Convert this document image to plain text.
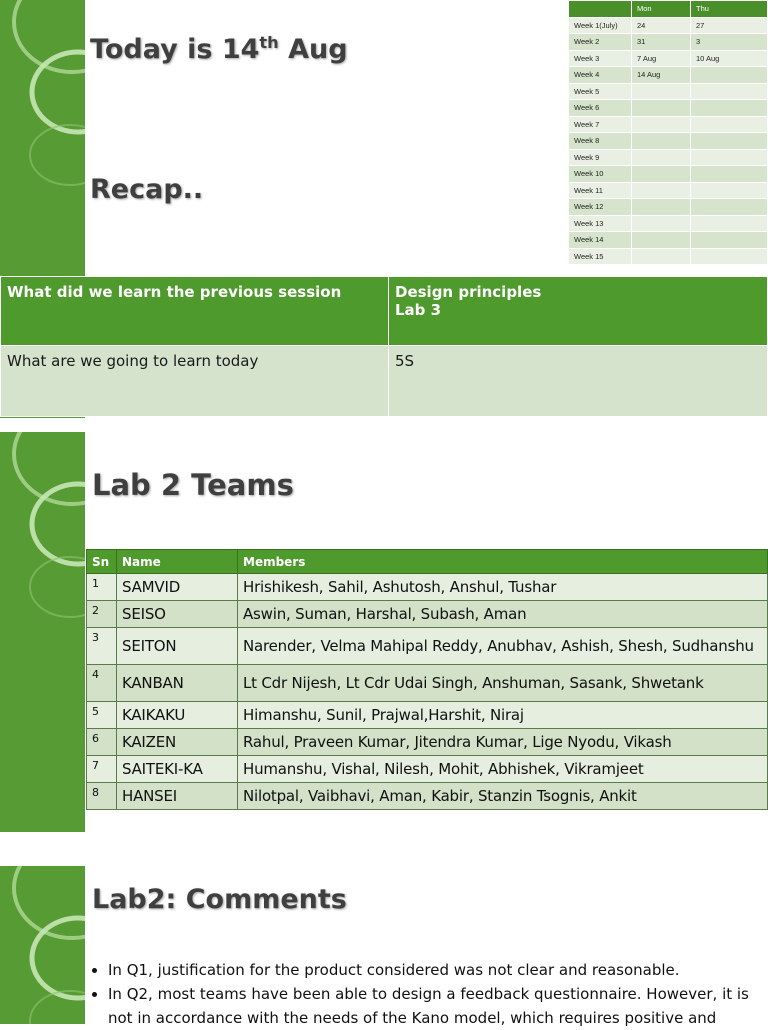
Today is 14th Aug
Recap..
	Mon	Thu
Week 1(July)	24	27
Week 2	31	3
Week 3	7 Aug	10 Aug
Week 4	14 Aug	
Week 5		
Week 6		
Week 7		
Week 8		
Week 9		
Week 10		
Week 11		
Week 12		
Week 13		
Week 14		
Week 15		
What did we learn the previous session	Design principles
Lab 3

What are we going to learn today	5S
Lab 2 Teams
Sn	Name	Members
1	SAMVID	Hrishikesh, Sahil, Ashutosh, Anshul, Tushar
2	SEISO	Aswin, Suman, Harshal, Subash, Aman
3	SEITON	Narender, Velma Mahipal Reddy, Anubhav, Ashish, Shesh, Sudhanshu
4	KANBAN	Lt Cdr Nijesh, Lt Cdr Udai Singh, Anshuman, Sasank, Shwetank
5	KAIKAKU	Himanshu, Sunil, Prajwal,Harshit, Niraj
6	KAIZEN	Rahul, Praveen Kumar, Jitendra Kumar, Lige Nyodu, Vikash
7	SAITEKI-KA	Humanshu, Vishal, Nilesh, Mohit, Abhishek, Vikramjeet
8	HANSEI	Nilotpal, Vaibhavi, Aman, Kabir, Stanzin Tsognis, Ankit
2
Lab2: Comments
• In Q1, justification for the product considered was not clear and reasonable.
• In Q2, most teams have been able to design a feedback questionnaire. However, it is
not in accordance with the needs of the Kano model, which requires positive and
